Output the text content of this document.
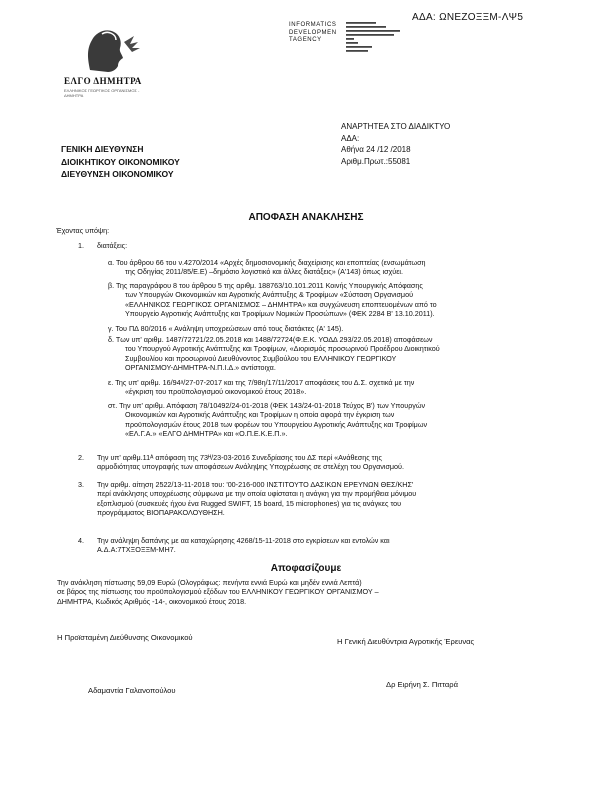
ΑΔΑ: ΩΝΕΖΟΞΞΜ-ΛΨ5
ΕΛΓΟ ΔΗΜΗΤΡΑ
ΕΛΛΗΝΙΚΟΣ ΓΕΩΡΓΙΚΟΣ ΟΡΓΑΝΙΣΜΟΣ - ΔΗΜΗΤΡΑ
INFORMATICS
DEVELOPMEN
TAGENCY
ΑΝΑΡΤΗΤΕΑ ΣΤΟ ΔΙΑΔΙΚΤΥΟ
ΑΔΑ:
Αθήνα 24 /12 /2018
Αριθμ.Πρωτ.:55081
ΓΕΝΙΚΗ ΔΙΕΥΘΥΝΣΗ
ΔΙΟΙΚΗΤΙΚΟΥ ΟΙΚΟΝΟΜΙΚΟΥ
ΔΙΕΥΘΥΝΣΗ ΟΙΚΟΝΟΜΙΚΟΥ
ΑΠΟΦΑΣΗ ΑΝΑΚΛΗΣΗΣ
Έχοντας υπόψη:
1. διατάξεις:
α. Του άρθρου 66 του ν.4270/2014 «Αρχές δημοσιονομικής διαχείρισης και εποπτείας (ενσωμάτωση
της Οδηγίας 2011/85/Ε.Ε) –δημόσιο λογιστικό και άλλες διατάξεις» (Α'143) όπως ισχύει.
β. Της παραγράφου 8 του άρθρου 5 της αριθμ. 188763/10.101.2011 Κοινής Υπουργικής Απόφασης
των Υπουργών Οικονομικών και Αγροτικής Ανάπτυξης & Τροφίμων «Σύσταση Οργανισμού
«ΕΛΛΗΝΙΚΟΣ ΓΕΩΡΓΙΚΟΣ ΟΡΓΑΝΙΣΜΟΣ – ΔΗΜΗΤΡΑ» και συγχώνευση εποπτευομένων από το
Υπουργείο Αγροτικής Ανάπτυξης και Τροφίμων Νομικών Προσώπων» (ΦΕΚ 2284 Β' 13.10.2011).
γ. Του ΠΔ 80/2016 « Ανάληψη υποχρεώσεων από τους διατάκτες (Α' 145).
δ. Των υπ' αριθμ. 1487/72721/22.05.2018 και 1488/72724(Φ.Ε.Κ. ΥΟΔΔ 293/22.05.2018) αποφάσεων
του Υπουργού Αγροτικής Ανάπτυξης και Τροφίμων, «Διορισμός προσωρινού Προέδρου Διοικητικού
Συμβουλίου και προσωρινού Διευθύνοντος Συμβούλου του ΕΛΛΗΝΙΚΟΥ ΓΕΩΡΓΙΚΟΥ
ΟΡΓΑΝΙΣΜΟΥ-ΔΗΜΗΤΡΑ-Ν.Π.Ι.Δ.» αντίστοιχα.
ε. Της υπ' αριθμ. 16/94ᵃ/27-07-2017 και της 7/98η/17/11/2017 αποφάσεις του Δ.Σ. σχετικά με την
«έγκριση του προϋπολογισμού οικονομικού έτους 2018».
στ. Την υπ' αριθμ. Απόφαση 78/10492/24-01-2018 (ΦΕΚ 143/24-01-2018 Τεύχος Β') των Υπουργών
Οικονομικών και Αγροτικής Ανάπτυξης και Τροφίμων η οποία αφορά την έγκριση των
προϋπολογισμών έτους 2018 των φορέων του Υπουργείου Αγροτικής Ανάπτυξης και Τροφίμων
«ΕΛ.Γ.Α.» «ΕΛΓΟ ΔΗΜΗΤΡΑ» και «Ο.Π.Ε.Κ.Ε.Π.».
2. Την υπ' αριθμ.11ᴬ απόφαση της 73ᴴ/23-03-2016 Συνεδρίασης του ΔΣ περί «Ανάθεσης της
αρμοδιότητας υπογραφής των αποφάσεων Ανάληψης Υποχρέωσης σε στελέχη του Οργανισμού.
3. Την αριθμ. αίτηση 2522/13-11-2018 του: '00-216-000 ΙΝΣΤΙΤΟΥΤΟ ΔΑΣΙΚΩΝ ΕΡΕΥΝΩΝ ΘΕΣ/ΚΗΣ'
περί ανάκλησης υποχρέωσης σύμφωνα με την οποία υφίσταται η ανάγκη για την προμήθεια μόνιμου
εξοπλισμού (συσκευές ήχου ένα Rugged SWIFT, 15 board, 15 microphones) για τις ανάγκες του
προγράμματος ΒΙΟΠΑΡΑΚΟΛΟΥΘΗΣΗ.
4. Την ανάληψη δαπάνης με αα καταχώρησης 4268/15-11-2018 στο εγκρίσεων και εντολών και
Α.Δ.Α:7ΤΧΞΟΞΞΜ-ΜΗ7.
Αποφασίζουμε
Την ανάκληση πίστωσης 59,09 Ευρώ (Ολογράφως: πενήντα εννιά Ευρώ και μηδέν εννιά Λεπτά)
σε βάρος της πίστωσης του προϋπολογισμού εξόδων του ΕΛΛΗΝΙΚΟΥ ΓΕΩΡΓΙΚΟΥ ΟΡΓΑΝΙΣΜΟΥ –
ΔΗΜΗΤΡΑ, Κωδικός Αριθμός -14-, οικονομικού έτους 2018.
Η Προϊσταμένη Διεύθυνσης Οικονομικού	Η Γενική Διευθύντρια Αγροτικής Έρευνας
Αδαμαντία Γαλανοπούλου
Δρ Ειρήνη Σ. Πιτταρά
